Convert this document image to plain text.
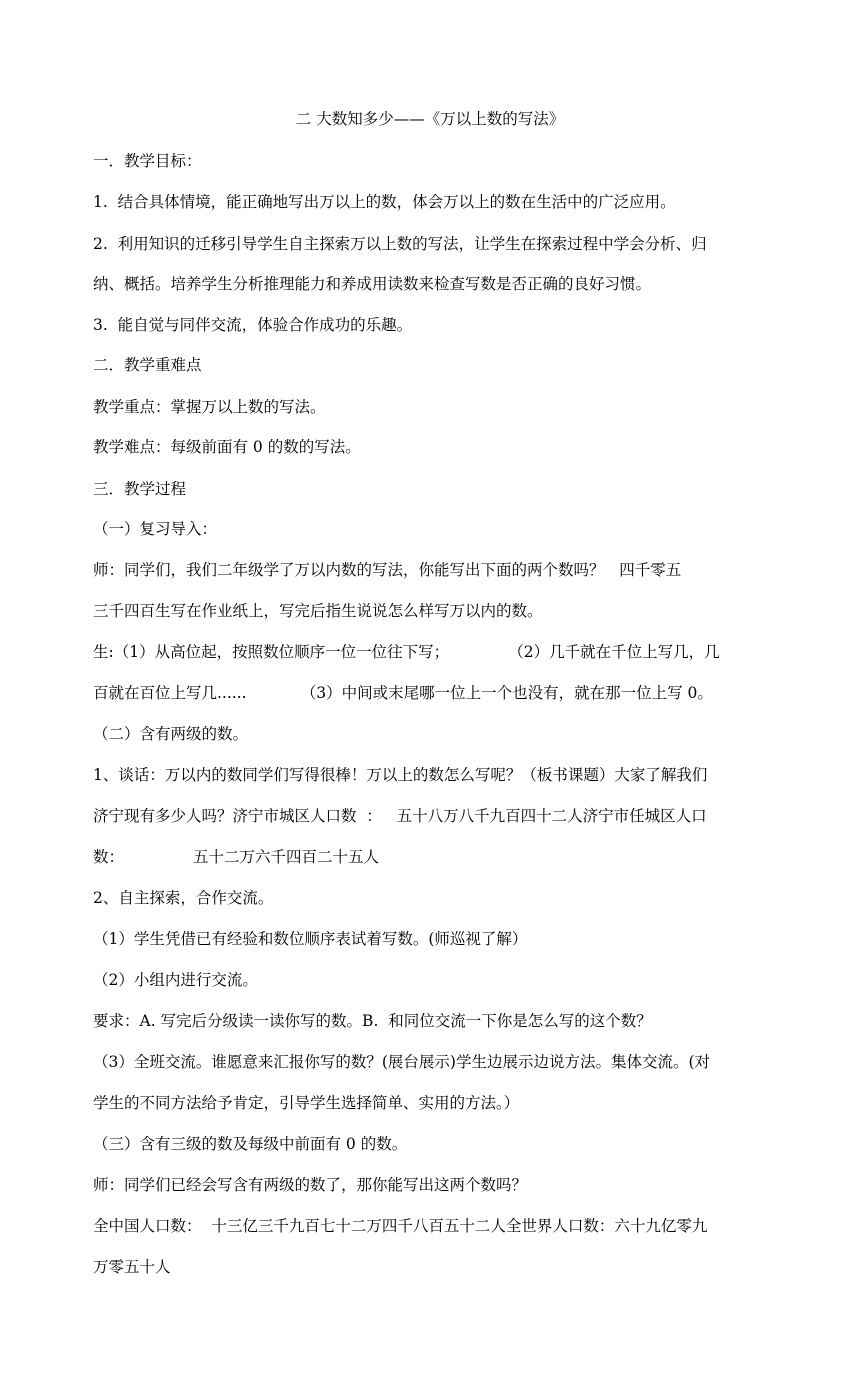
二 大数知多少——《万以上数的写法》
一．教学目标：
1.  结合具体情境，能正确地写出万以上的数，体会万以上的数在生活中的广泛应用。
2.  利用知识的迁移引导学生自主探索万以上数的写法，让学生在探索过程中学会分析、归
纳、概括。培养学生分析推理能力和养成用读数来检查写数是否正确的良好习惯。
3.  能自觉与同伴交流，体验合作成功的乐趣。
二．教学重难点
教学重点：掌握万以上数的写法。
教学难点：每级前面有 0 的数的写法。
三．教学过程
（一）复习导入：
师：同学们，我们二年级学了万以内数的写法，你能写出下面的两个数吗？   四千零五
三千四百生写在作业纸上，写完后指生说说怎么样写万以内的数。
生:（1）从高位起，按照数位顺序一位一位往下写；            （2）几千就在千位上写几，几
百就在百位上写几......           （3）中间或末尾哪一位上一个也没有，就在那一位上写 0。
（二）含有两级的数。
1、谈话：万以内的数同学们写得很棒！万以上的数怎么写呢？（板书课题）大家了解我们
济宁现有多少人吗？济宁市城区人口数  ：   五十八万八千九百四十二人济宁市任城区人口
数：              五十二万六千四百二十五人
2、自主探索，合作交流。
（1）学生凭借已有经验和数位顺序表试着写数。(师巡视了解）
（2）小组内进行交流。
要求：A. 写完后分级读一读你写的数。B.  和同位交流一下你是怎么写的这个数？
（3）全班交流。谁愿意来汇报你写的数？(展台展示)学生边展示边说方法。集体交流。(对
学生的不同方法给予肯定，引导学生选择简单、实用的方法。）
（三）含有三级的数及每级中前面有 0 的数。
师：同学们已经会写含有两级的数了，那你能写出这两个数吗？
全中国人口数：  十三亿三千九百七十二万四千八百五十二人全世界人口数：六十九亿零九
万零五十人
